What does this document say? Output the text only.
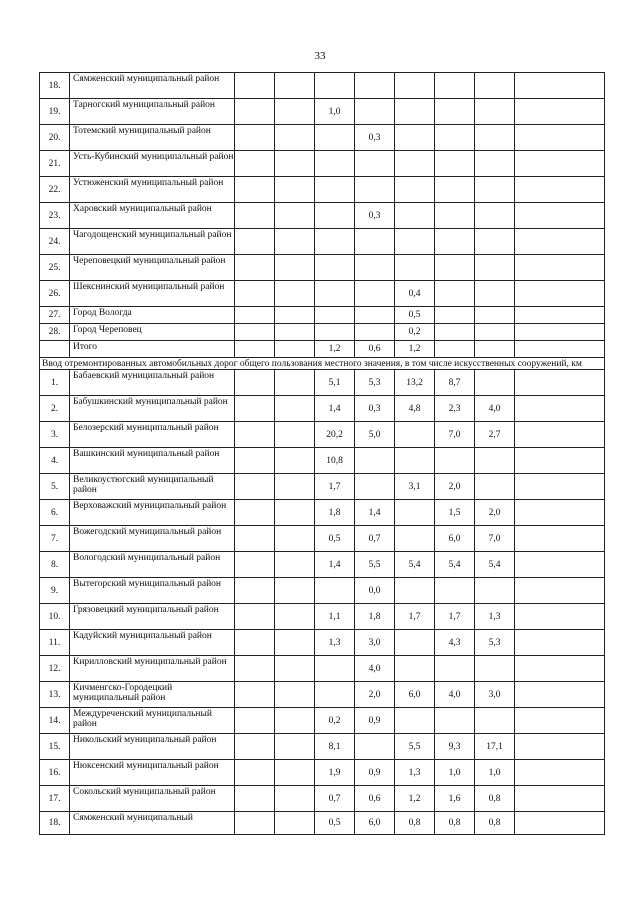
33
18.	Сямженский муниципальный район								
19.	Тарногский муниципальный район			1,0					
20.	Тотемский муниципальный район				0,3				
21.	Усть-Кубинский муниципальный район								
22.	Устюженский муниципальный район								
23.	Харовский муниципальный район				0,3				
24.	Чагодощенский муниципальный район								
25.	Череповецкий муниципальный район								
26.	Шекснинский муниципальный район					0,4			
27.	Город Вологда					0,5			
28.	Город Череповец					0,2			
	Итого			1,2	0,6	1,2			
Ввод отремонтированных автомобильных дорог общего пользования местного значения, в том числе искусственных сооружений, км									
1.	Бабаевский муниципальный район			5,1	5,3	13,2	8,7		
2.	Бабушкинский муниципальный район			1,4	0,3	4,8	2,3	4,0	
3.	Белозерский муниципальный район			20,2	5,0		7,0	2,7	
4.	Вашкинский муниципальный район			10,8					
5.	Великоустюгский муниципальный район			1,7		3,1	2,0		
6.	Верховажский муниципальный район			1,8	1,4		1,5	2,0	
7.	Вожегодский муниципальный район			0,5	0,7		6,0	7,0	
8.	Вологодский муниципальный район			1,4	5,5	5,4	5,4	5,4	
9.	Вытегорский муниципальный район				0,0				
10.	Грязовецкий муниципальный район			1,1	1,8	1,7	1,7	1,3	
11.	Кадуйский муниципальный район			1,3	3,0		4,3	5,3	
12.	Кирилловский муниципальный район				4,0				
13.	Кичменгско-Городецкий муниципальный район				2,0	6,0	4,0	3,0	
14.	Междуреченский муниципальный район			0,2	0,9				
15.	Никольский муниципальный район			8,1		5,5	9,3	17,1	
16.	Нюксенский муниципальный район			1,9	0,9	1,3	1,0	1,0	
17.	Сокольский муниципальный район			0,7	0,6	1,2	1,6	0,8	
18.	Сямженский муниципальный			0,5	6,0	0,8	0,8	0,8	
